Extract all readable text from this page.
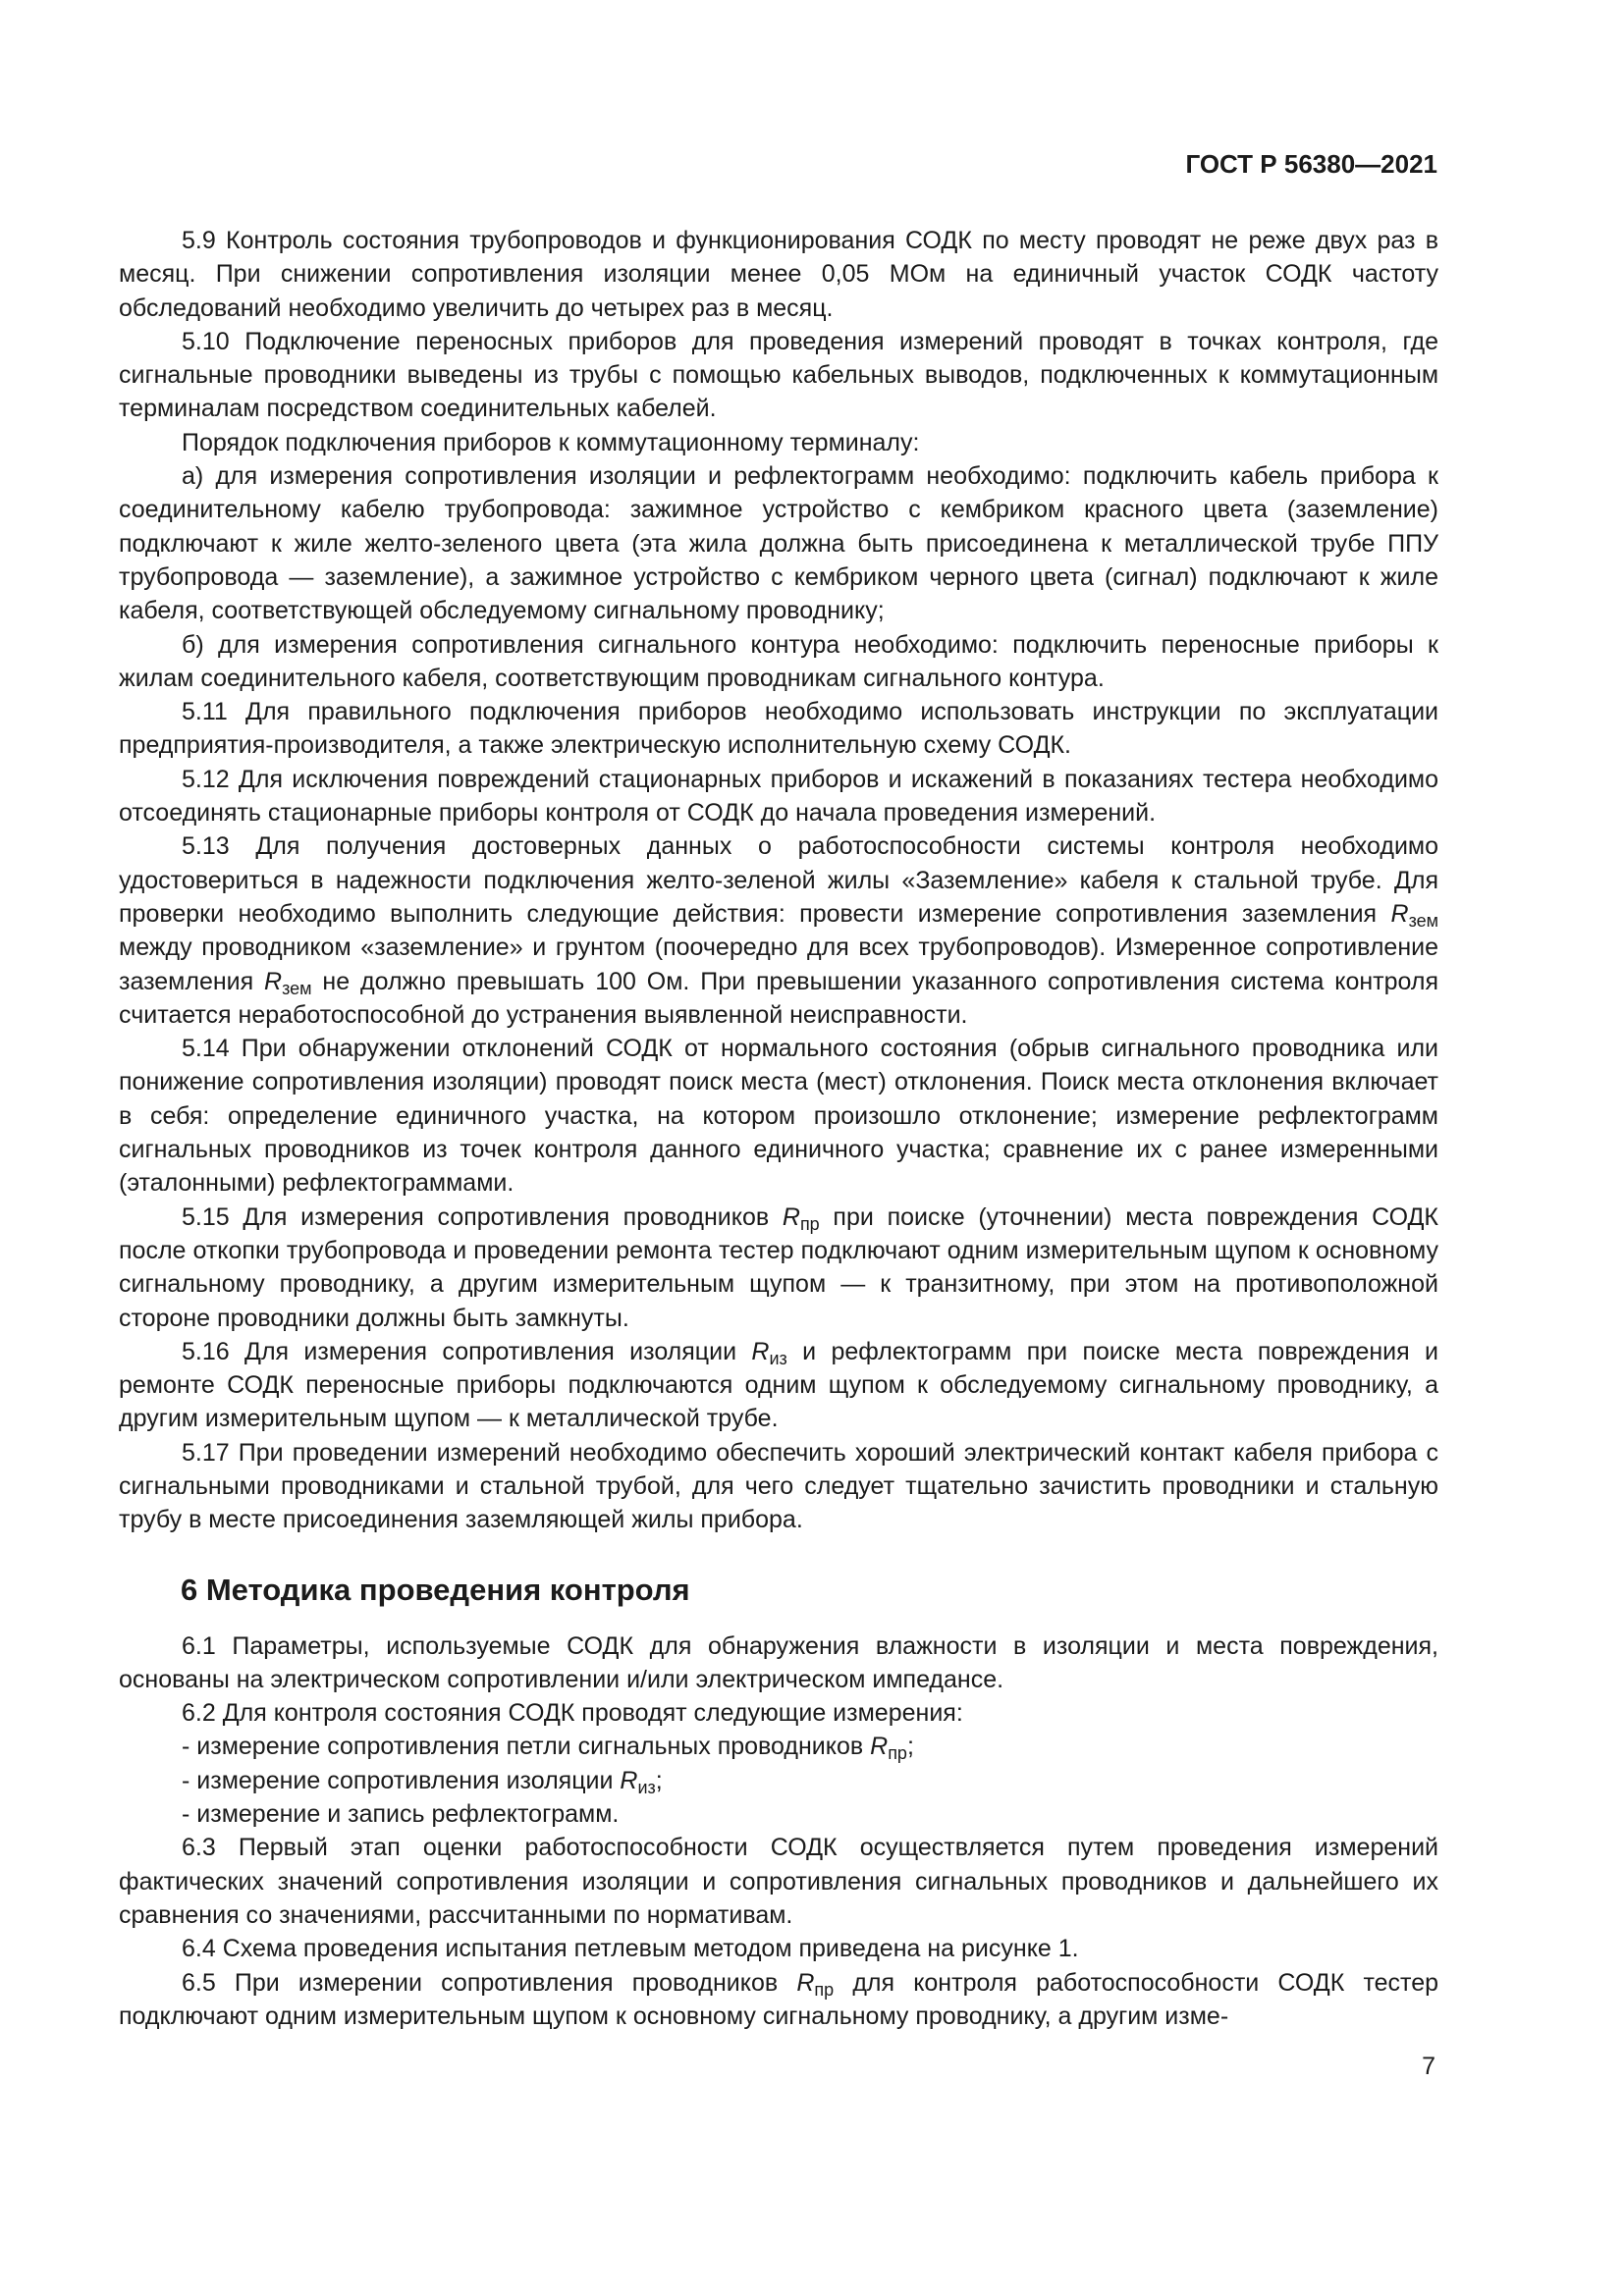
ГОСТ Р 56380—2021

5.9 Контроль состояния трубопроводов и функционирования СОДК по месту проводят не реже двух раз в месяц. При снижении сопротивления изоляции менее 0,05 МОм на единичный участок СОДК частоту обследований необходимо увеличить до четырех раз в месяц.

5.10 Подключение переносных приборов для проведения измерений проводят в точках контроля, где сигнальные проводники выведены из трубы с помощью кабельных выводов, подключенных к коммутационным терминалам посредством соединительных кабелей.

Порядок подключения приборов к коммутационному терминалу:

а) для измерения сопротивления изоляции и рефлектограмм необходимо: подключить кабель прибора к соединительному кабелю трубопровода: зажимное устройство с кембриком красного цвета (заземление) подключают к жиле желто-зеленого цвета (эта жила должна быть присоединена к металлической трубе ППУ трубопровода — заземление), а зажимное устройство с кембриком черного цвета (сигнал) подключают к жиле кабеля, соответствующей обследуемому сигнальному проводнику;

б) для измерения сопротивления сигнального контура необходимо: подключить переносные приборы к жилам соединительного кабеля, соответствующим проводникам сигнального контура.

5.11 Для правильного подключения приборов необходимо использовать инструкции по эксплуатации предприятия-производителя, а также электрическую исполнительную схему СОДК.

5.12 Для исключения повреждений стационарных приборов и искажений в показаниях тестера необходимо отсоединять стационарные приборы контроля от СОДК до начала проведения измерений.

5.13 Для получения достоверных данных о работоспособности системы контроля необходимо удостовериться в надежности подключения желто-зеленой жилы «Заземление» кабеля к стальной трубе. Для проверки необходимо выполнить следующие действия: провести измерение сопротивления заземления $R_{зем}$ между проводником «заземление» и грунтом (поочередно для всех трубопроводов). Измеренное сопротивление заземления $R_{зем}$ не должно превышать 100 Ом. При превышении указанного сопротивления система контроля считается неработоспособной до устранения выявленной неисправности.

5.14 При обнаружении отклонений СОДК от нормального состояния (обрыв сигнального проводника или понижение сопротивления изоляции) проводят поиск места (мест) отклонения. Поиск места отклонения включает в себя: определение единичного участка, на котором произошло отклонение; измерение рефлектограмм сигнальных проводников из точек контроля данного единичного участка; сравнение их с ранее измеренными (эталонными) рефлектограммами.

5.15 Для измерения сопротивления проводников $R_{пр}$ при поиске (уточнении) места повреждения СОДК после откопки трубопровода и проведении ремонта тестер подключают одним измерительным щупом к основному сигнальному проводнику, а другим измерительным щупом — к транзитному, при этом на противоположной стороне проводники должны быть замкнуты.

5.16 Для измерения сопротивления изоляции $R_{из}$ и рефлектограмм при поиске места повреждения и ремонте СОДК переносные приборы подключаются одним щупом к обследуемому сигнальному проводнику, а другим измерительным щупом — к металлической трубе.

5.17 При проведении измерений необходимо обеспечить хороший электрический контакт кабеля прибора с сигнальными проводниками и стальной трубой, для чего следует тщательно зачистить проводники и стальную трубу в месте присоединения заземляющей жилы прибора.

6 Методика проведения контроля

6.1 Параметры, используемые СОДК для обнаружения влажности в изоляции и места повреждения, основаны на электрическом сопротивлении и/или электрическом импедансе.

6.2 Для контроля состояния СОДК проводят следующие измерения:

- измерение сопротивления петли сигнальных проводников $R_{пр}$;

- измерение сопротивления изоляции $R_{из}$;

- измерение и запись рефлектограмм.

6.3 Первый этап оценки работоспособности СОДК осуществляется путем проведения измерений фактических значений сопротивления изоляции и сопротивления сигнальных проводников и дальнейшего их сравнения со значениями, рассчитанными по нормативам.

6.4 Схема проведения испытания петлевым методом приведена на рисунке 1.

6.5 При измерении сопротивления проводников $R_{пр}$ для контроля работоспособности СОДК тестер подключают одним измерительным щупом к основному сигнальному проводнику, а другим изме-

7
